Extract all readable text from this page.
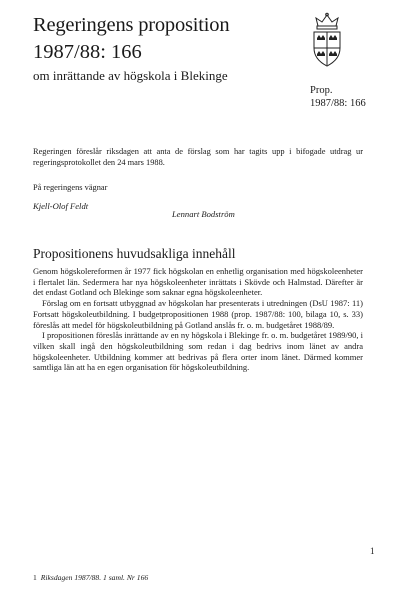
Regeringens proposition
1987/88: 166
om inrättande av högskola i Blekinge
Prop.
1987/88: 166
Regeringen föreslår riksdagen att anta de förslag som har tagits upp i bifogade utdrag ur regeringsprotokollet den 24 mars 1988.
På regeringens vägnar
Kjell-Olof Feldt
Lennart Bodström
Propositionens huvudsakliga innehåll

Genom högskolereformen år 1977 fick högskolan en enhetlig organisation med högskoleenheter i flertalet län. Sedermera har nya högskoleenheter inrättats i Skövde och Halmstad. Därefter är det endast Gotland och Blekinge som saknar egna högskoleenheter.

Förslag om en fortsatt utbyggnad av högskolan har presenterats i utredningen (DsU 1987: 11) Fortsatt högskoleutbildning. I budgetpropositionen 1988 (prop. 1987/88: 100, bilaga 10, s. 33) föreslås att medel för högskoleutbildning på Gotland anslås fr. o. m. budgetåret 1988/89.

I propositionen föreslås inrättande av en ny högskola i Blekinge fr. o. m. budgetåret 1989/90, i vilken skall ingå den högskoleutbildning som redan i dag bedrivs inom länet av andra högskoleenheter. Utbildning kommer att bedrivas på flera orter inom länet. Därmed kommer samtliga län att ha en egen organisation för högskoleutbildning.

1
1 Riksdagen 1987/88. 1 saml. Nr 166
